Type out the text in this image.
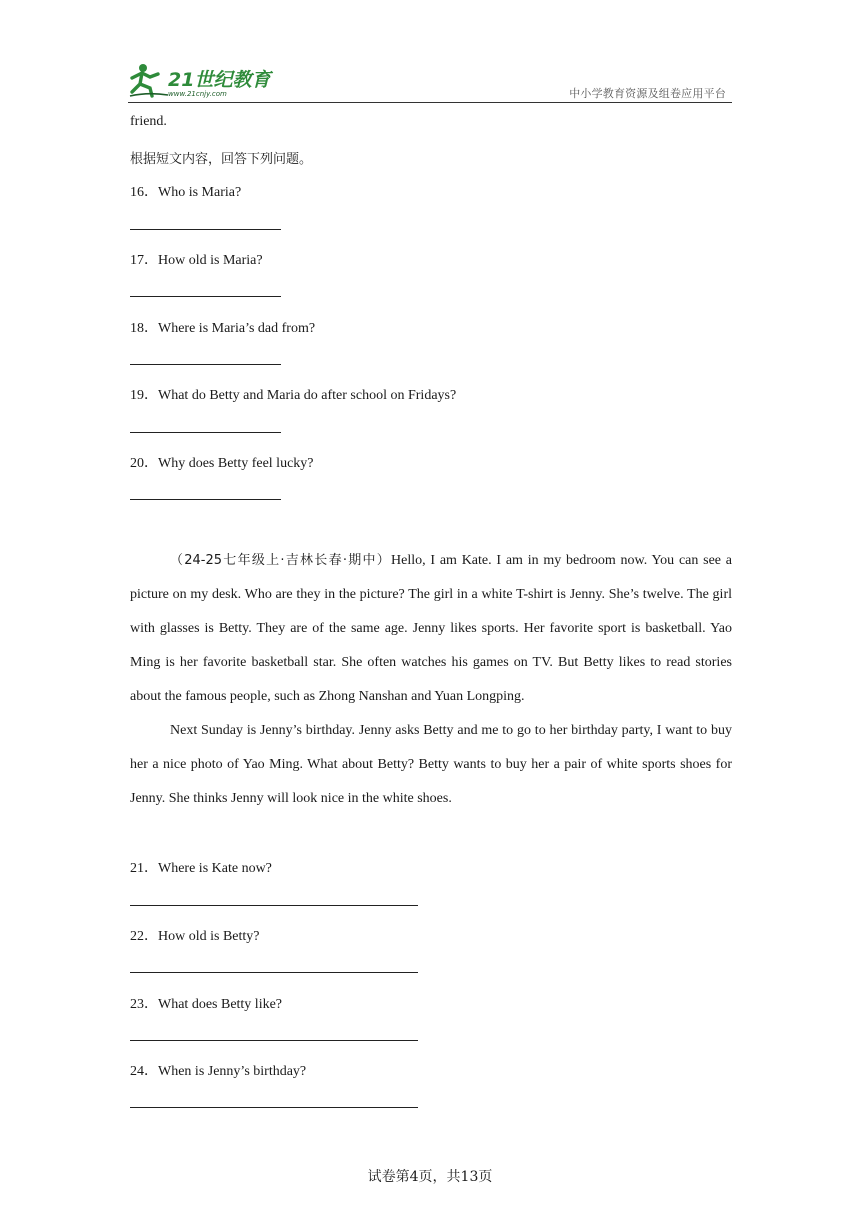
21世纪教育
www.21cnjy.com	中小学教育资源及组卷应用平台
friend.
根据短文内容，回答下列问题。
16．Who is Maria?
17．How old is Maria?
18．Where is Maria’s dad from?
19．What do Betty and Maria do after school on Fridays?
20．Why does Betty feel lucky?

（24-25七年级上·吉林长春·期中）Hello, I am Kate. I am in my bedroom now. You can see a picture on my desk. Who are they in the picture? The girl in a white T-shirt is Jenny. She’s twelve. The girl with glasses is Betty. They are of the same age. Jenny likes sports. Her favorite sport is basketball. Yao Ming is her favorite basketball star. She often watches his games on TV. But Betty likes to read stories about the famous people, such as Zhong Nanshan and Yuan Longping.

Next Sunday is Jenny’s birthday. Jenny asks Betty and me to go to her birthday party, I want to buy her a nice photo of Yao Ming. What about Betty? Betty wants to buy her a pair of white sports shoes for Jenny. She thinks Jenny will look nice in the white shoes.

21．Where is Kate now?
22．How old is Betty?
23．What does Betty like?
24．When is Jenny’s birthday?
试卷第4页，共13页
